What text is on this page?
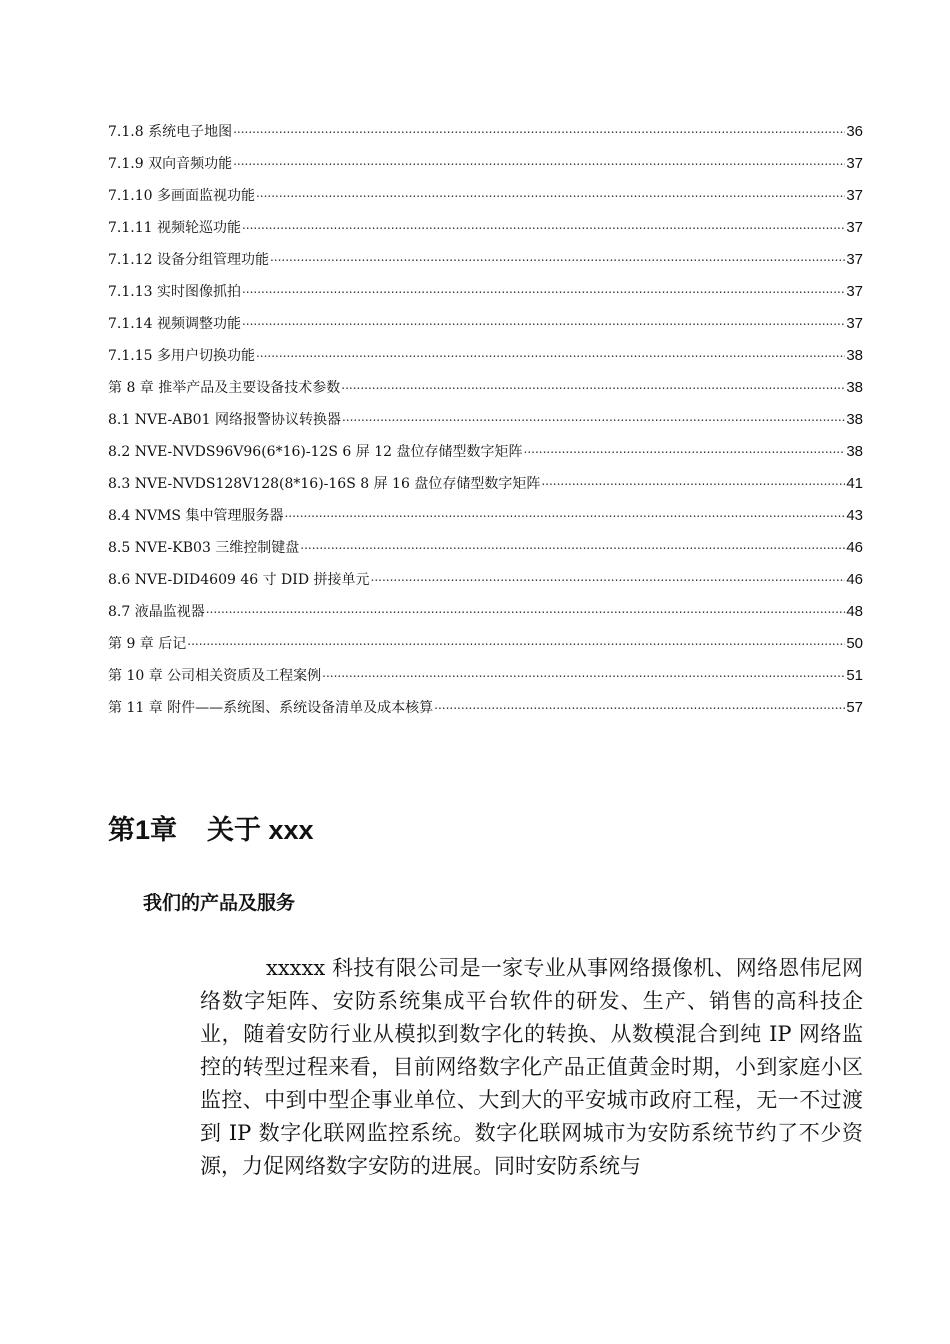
7.1.8 系统电子地图 .....	36
7.1.9 双向音频功能 .....	37
7.1.10 多画面监视功能 .....	37
7.1.11 视频轮巡功能 .....	37
7.1.12 设备分组管理功能 .....	37
7.1.13 实时图像抓拍 .....	37
7.1.14 视频调整功能 .....	37
7.1.15 多用户切换功能 .....	38
第 8 章 推举产品及主要设备技术参数 .....	38
8.1 NVE-AB01 网络报警协议转换器 .....	38
8.2 NVE-NVDS96V96(6*16)-12S 6 屏 12 盘位存储型数字矩阵 .....	38
8.3 NVE-NVDS128V128(8*16)-16S 8 屏 16 盘位存储型数字矩阵 .....	41
8.4 NVMS 集中管理服务器 .....	43
8.5 NVE-KB03 三维控制键盘 .....	46
8.6 NVE-DID4609 46 寸 DID 拼接单元 .....	46
8.7 液晶监视器 .....	48
第 9 章 后记 .....	50
第 10 章 公司相关资质及工程案例 .....	51
第 11 章 附件——系统图、系统设备清单及成本核算 .....	57
第1章    关于 xxx
我们的产品及服务
xxxxx 科技有限公司是一家专业从事网络摄像机、网络恩伟尼网络数字矩阵、安防系统集成平台软件的研发、生产、销售的高科技企业，随着安防行业从模拟到数字化的转换、从数模混合到纯 IP 网络监控的转型过程来看，目前网络数字化产品正值黄金时期，小到家庭小区监控、中到中型企事业单位、大到大的平安城市政府工程，无一不过渡到 IP 数字化联网监控系统。数字化联网城市为安防系统节约了不少资源，力促网络数字安防的进展。同时安防系统与
